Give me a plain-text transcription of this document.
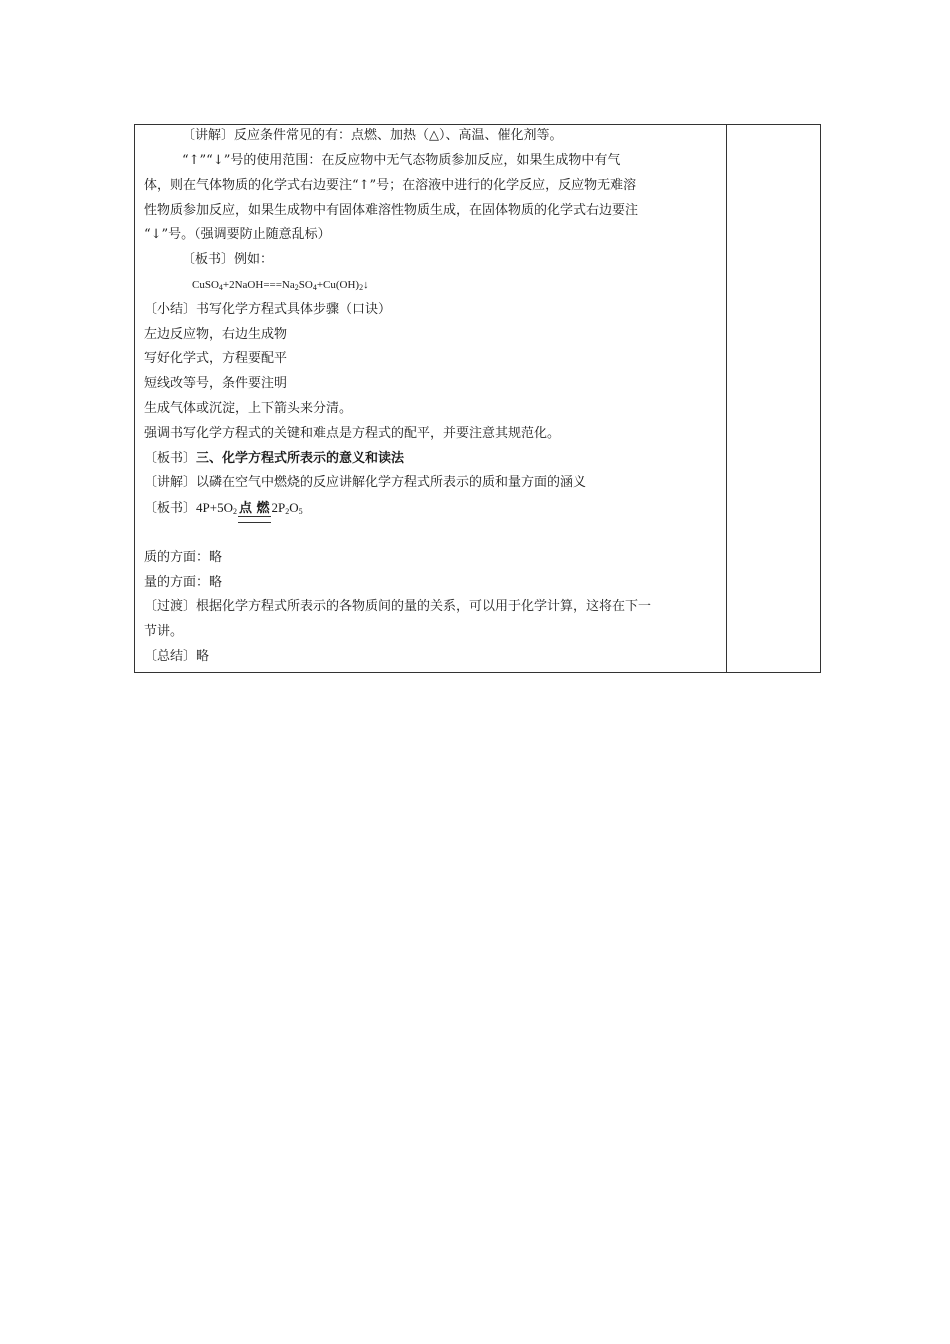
〔讲解〕反应条件常见的有：点燃、加热（△）、高温、催化剂等。
“↑”“↓”号的使用范围：在反应物中无气态物质参加反应，如果生成物中有气
体，则在气体物质的化学式右边要注“↑”号；在溶液中进行的化学反应，反应物无难溶
性物质参加反应，如果生成物中有固体难溶性物质生成，在固体物质的化学式右边要注
“↓”号。（强调要防止随意乱标）
〔板书〕例如：
$CuSO_4+2NaOH===Na_2SO_4+Cu(OH)_2↓$
〔小结〕书写化学方程式具体步骤（口诀）
左边反应物，右边生成物
写好化学式，方程要配平
短线改等号，条件要注明
生成气体或沉淀，上下箭头来分清。
强调书写化学方程式的关键和难点是方程式的配平，并要注意其规范化。
〔板书〕三、化学方程式所表示的意义和读法
〔讲解〕以磷在空气中燃烧的反应讲解化学方程式所表示的质和量方面的涵义
〔板书〕$4P+5O_2$ 点 燃 $2P_2O_5$
质的方面：略
量的方面：略
〔过渡〕根据化学方程式所表示的各物质间的量的关系，可以用于化学计算，这将在下一
节讲。
〔总结〕略
